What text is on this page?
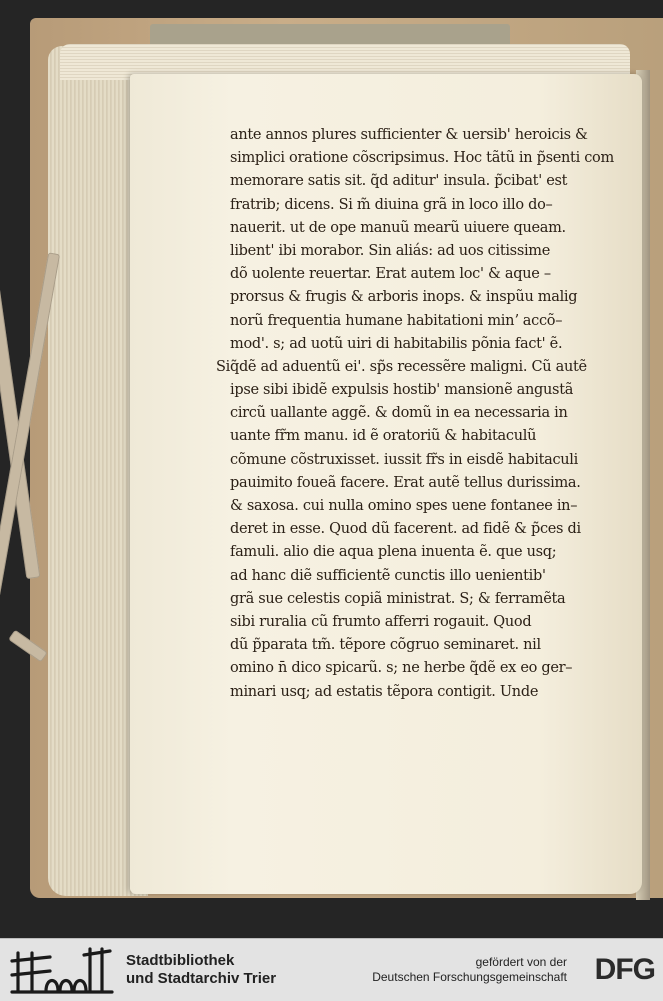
ante annos plures sufficienter & uersib' heroicis &
simplici oratione cõscripsimus. Hoc tãtũ in p̃senti com
memorare satis sit. q̃d aditur' insula. p̃cibat' est
fratrib; dicens. Si m̃ diuina grã in loco illo do–
nauerit. ut de ope manuũ mearũ uiuere queam.
libent' ibi morabor. Sin aliás: ad uos citissime
dõ uolente reuertar. Erat autem loc' & aque –
prorsus & frugis & arboris inops. & inspũu malig
norũ frequentia humane habitationi minʼ accõ–
mod'. s; ad uotũ uiri di habitabilis põnia fact' ẽ.
Siq̃dẽ ad aduentũ ei'. sp̃s recessẽre maligni. Cũ autẽ
ipse sibi ibidẽ expulsis hostib' mansionẽ angustã
circũ uallante aggẽ. & domũ in ea necessaria in
uante fr̃m manu. id ẽ oratoriũ & habitaculũ
cõmune cõstruxisset. iussit fr̃s in eisdẽ habitaculi
pauimito foueã facere. Erat autẽ tellus durissima.
& saxosa. cui nulla omino spes uene fontanee in–
deret in esse. Quod dũ facerent. ad fidẽ & p̃ces di
famuli. alio die aqua plena inuenta ẽ. que usq;
ad hanc diẽ sufficientẽ cunctis illo uenientib'
grã sue celestis copiã ministrat. S; & ferramẽta
sibi ruralia cũ frumto afferri rogauit. Quod
dũ p̃parata tm̃. tẽpore cõgruo seminaret. nil
omino n̄ dico spicarũ. s; ne herbe q̃dẽ ex eo ger–
minari usq; ad estatis tẽpora contigit. Unde
Stadtbibliothek
und Stadtarchiv Trier
gefördert von der
Deutschen Forschungsgemeinschaft DFG
